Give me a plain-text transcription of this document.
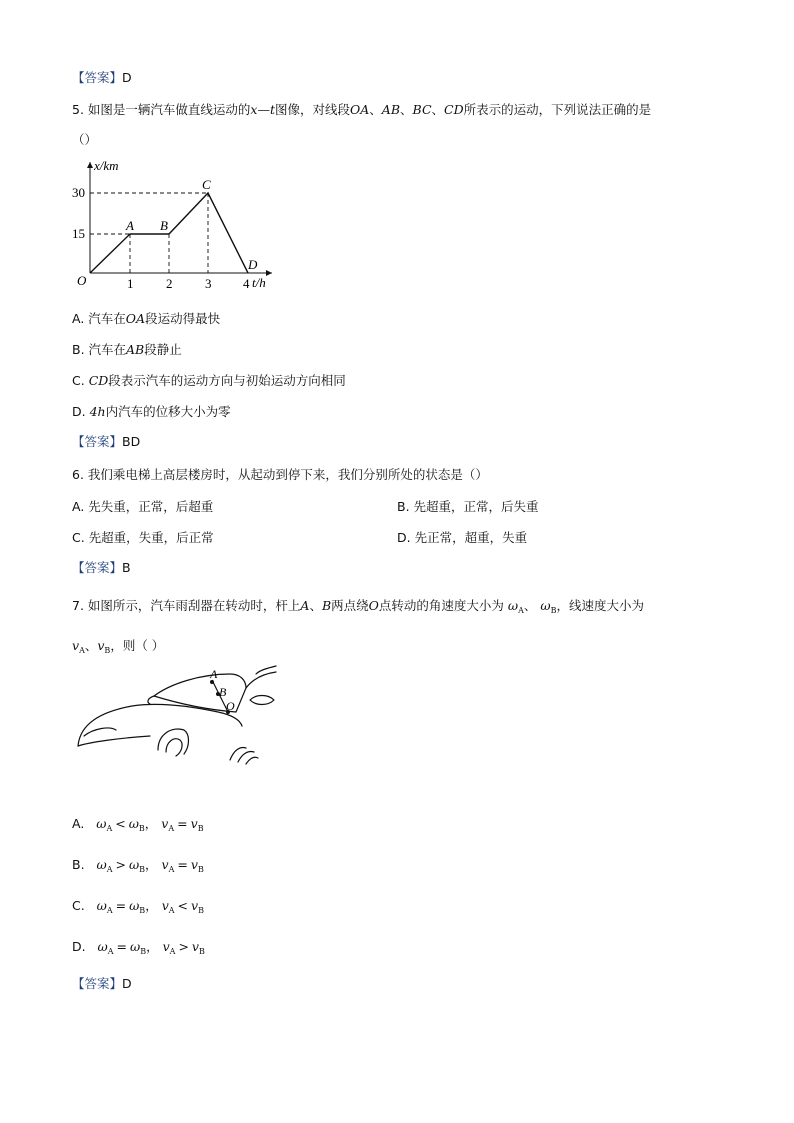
【答案】D
5. 如图是一辆汽车做直线运动的x—t图像，对线段OA、AB、BC、CD所表示的运动，下列说法正确的是
（）
x/km
t/h
O
15
30
1	2	3 4
A B
C
D
A. 汽车在OA段运动得最快
B. 汽车在AB段静止
C. CD段表示汽车的运动方向与初始运动方向相同
D. 4h内汽车的位移大小为零
【答案】BD
6. 我们乘电梯上高层楼房时，从起动到停下来，我们分别所处的状态是（）
A. 先失重，正常，后超重	B. 先超重，正常，后失重
C. 先超重，失重，后正常	D. 先正常，超重，失重
【答案】B
7. 如图所示，汽车雨刮器在转动时，杆上A、B两点绕O点转动的角速度大小为 $\omega_A$、 $\omega_B$，线速度大小为
$v_A$、$v_B$，则（ ）
A
B
O
A. $\omega_A < \omega_B$， $v_A = v_B$
B. $\omega_A > \omega_B$， $v_A = v_B$
C. $\omega_A = \omega_B$， $v_A < v_B$
D. $\omega_A = \omega_B$， $v_A > v_B$
【答案】D
